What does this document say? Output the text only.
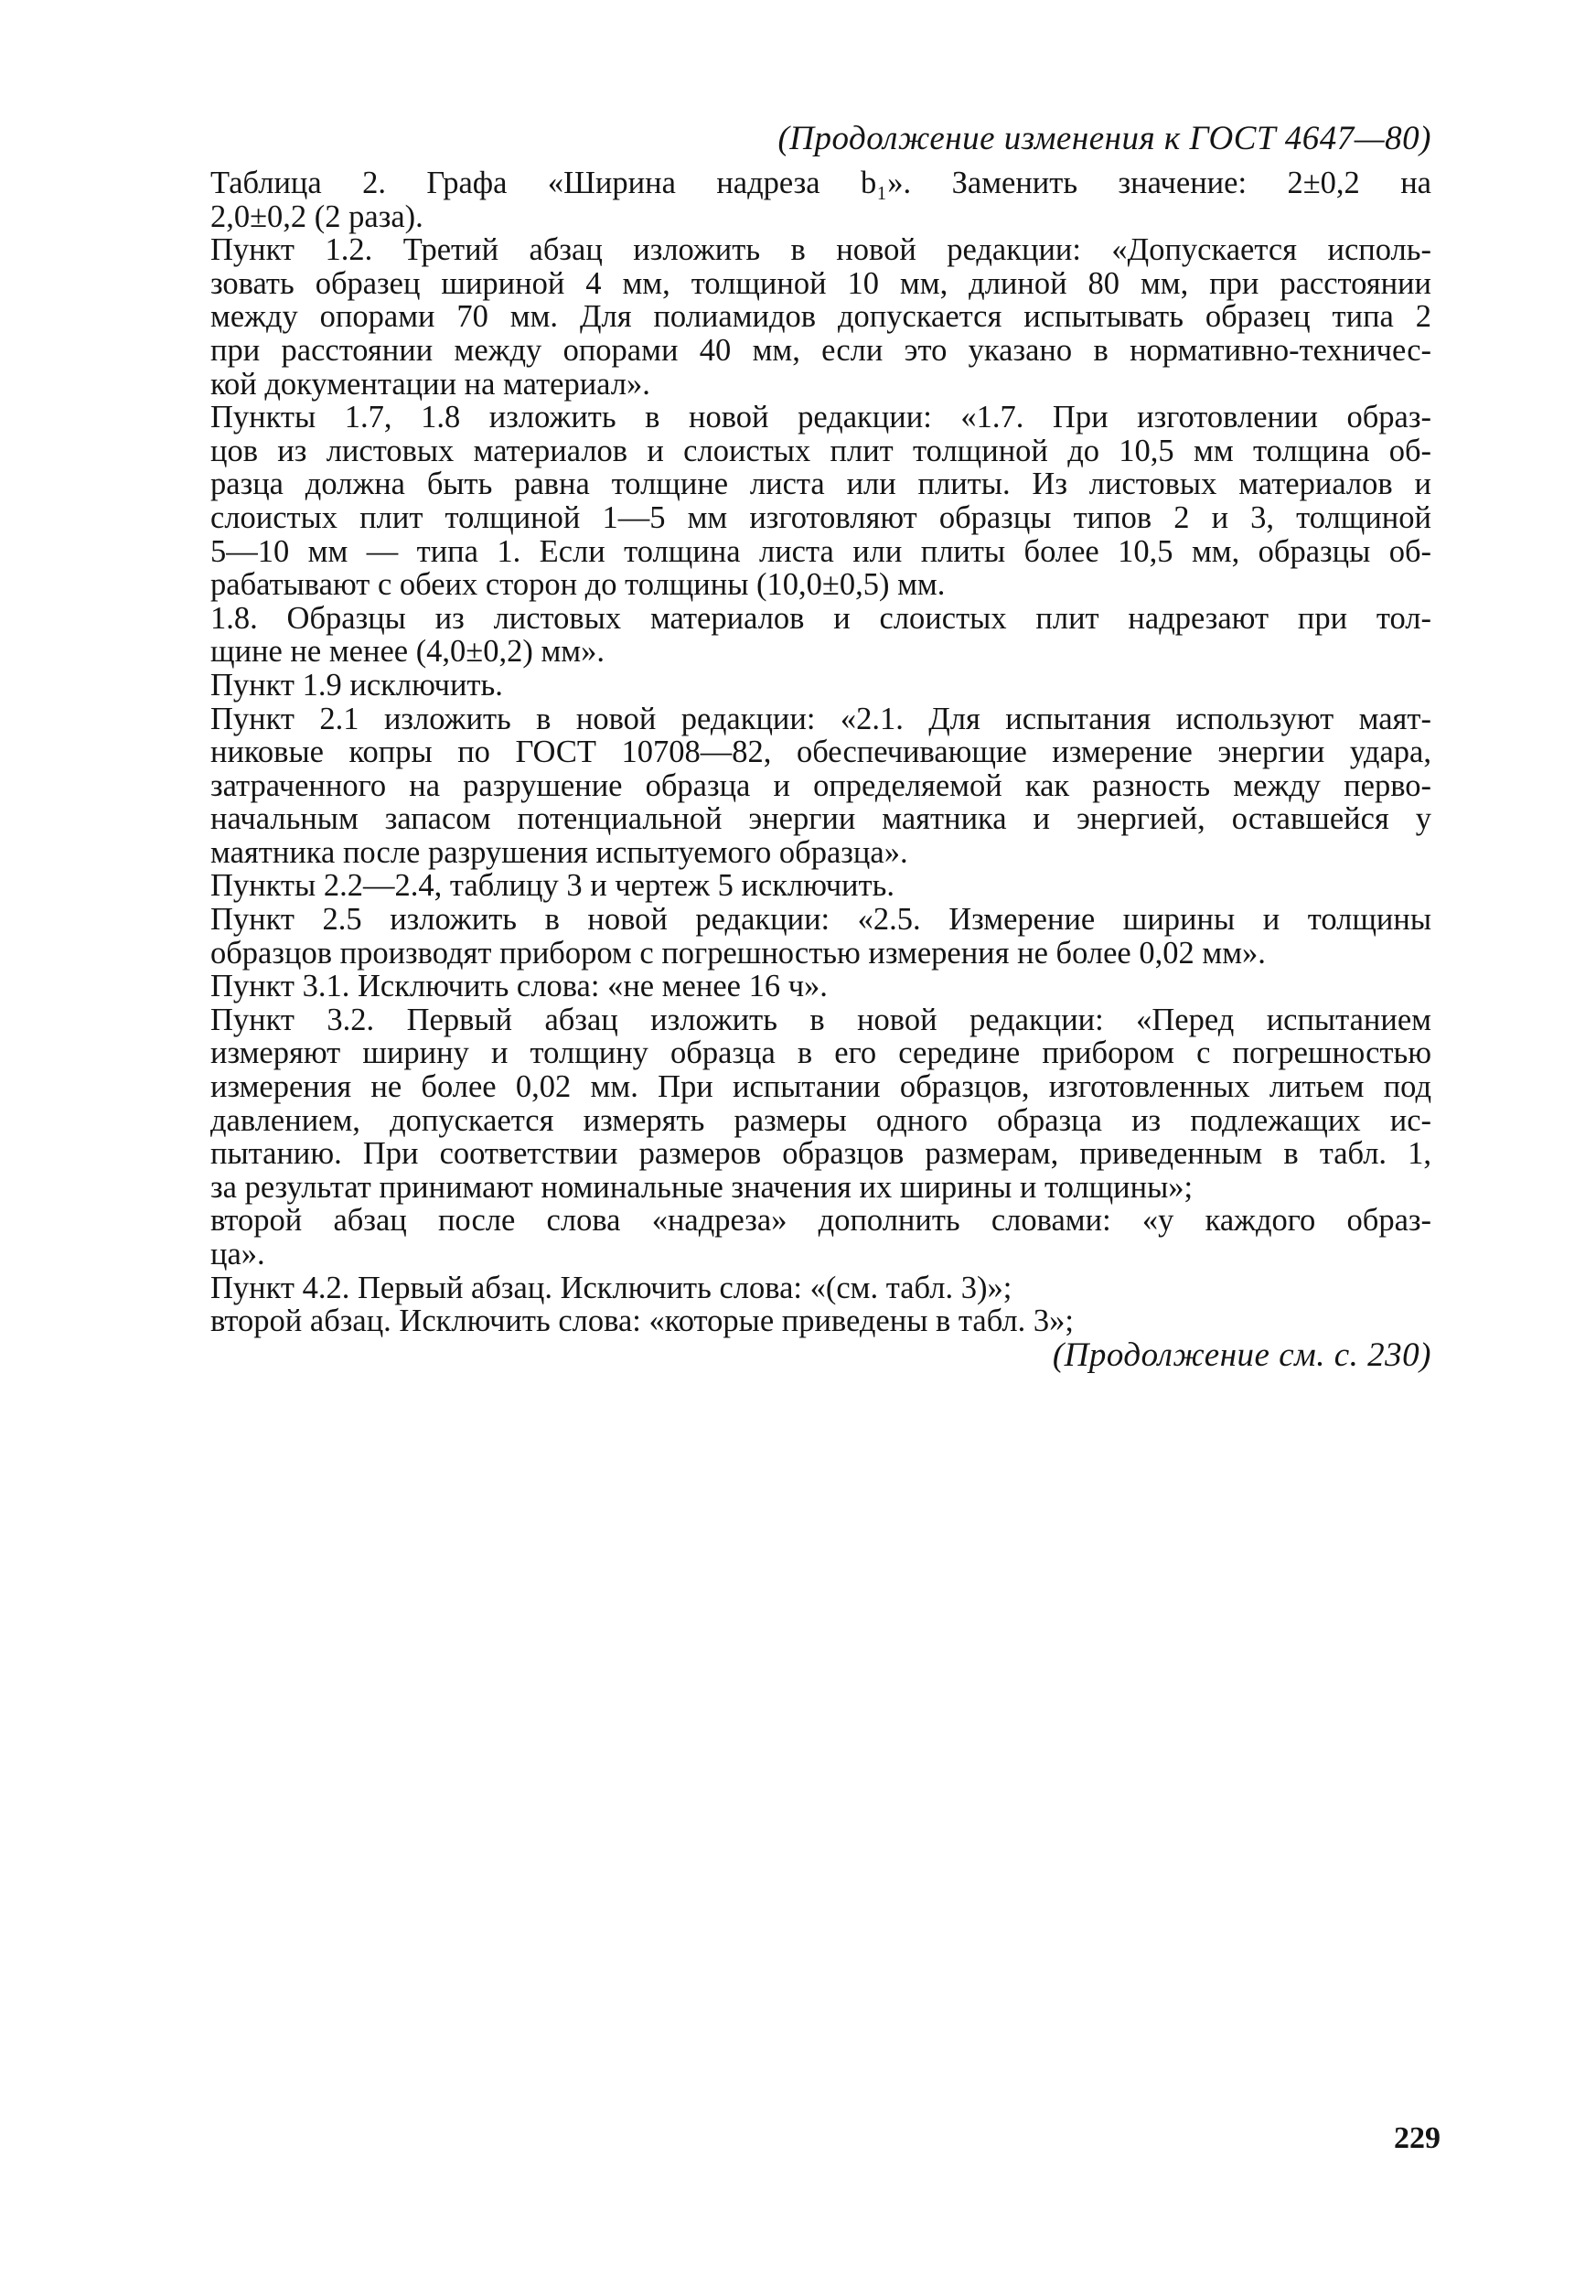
(Продолжение изменения к ГОСТ 4647—80)
Таблица 2. Графа «Ширина надреза b₁». Заменить значение: 2±0,2 на
2,0±0,2 (2 раза).
Пункт 1.2. Третий абзац изложить в новой редакции: «Допускается исполь-
зовать образец шириной 4 мм, толщиной 10 мм, длиной 80 мм, при расстоянии
между опорами 70 мм. Для полиамидов допускается испытывать образец типа 2
при расстоянии между опорами 40 мм, если это указано в нормативно-техничес-
кой документации на материал».
Пункты 1.7, 1.8 изложить в новой редакции: «1.7. При изготовлении образ-
цов из листовых материалов и слоистых плит толщиной до 10,5 мм толщина об-
разца должна быть равна толщине листа или плиты. Из листовых материалов и
слоистых плит толщиной 1—5 мм изготовляют образцы типов 2 и 3, толщиной
5—10 мм — типа 1. Если толщина листа или плиты более 10,5 мм, образцы об-
рабатывают с обеих сторон до толщины (10,0±0,5) мм.
1.8. Образцы из листовых материалов и слоистых плит надрезают при тол-
щине не менее (4,0±0,2) мм».
Пункт 1.9 исключить.
Пункт 2.1 изложить в новой редакции: «2.1. Для испытания используют маят-
никовые копры по ГОСТ 10708—82, обеспечивающие измерение энергии удара,
затраченного на разрушение образца и определяемой как разность между перво-
начальным запасом потенциальной энергии маятника и энергией, оставшейся у
маятника после разрушения испытуемого образца».
Пункты 2.2—2.4, таблицу 3 и чертеж 5 исключить.
Пункт 2.5 изложить в новой редакции: «2.5. Измерение ширины и толщины
образцов производят прибором с погрешностью измерения не более 0,02 мм».
Пункт 3.1. Исключить слова: «не менее 16 ч».
Пункт 3.2. Первый абзац изложить в новой редакции: «Перед испытанием
измеряют ширину и толщину образца в его середине прибором с погрешностью
измерения не более 0,02 мм. При испытании образцов, изготовленных литьем под
давлением, допускается измерять размеры одного образца из подлежащих ис-
пытанию. При соответствии размеров образцов размерам, приведенным в табл. 1,
за результат принимают номинальные значения их ширины и толщины»;
второй абзац после слова «надреза» дополнить словами: «у каждого образ-
ца».
Пункт 4.2. Первый абзац. Исключить слова: «(см. табл. 3)»;
второй абзац. Исключить слова: «которые приведены в табл. 3»;
(Продолжение см. с. 230)
229
